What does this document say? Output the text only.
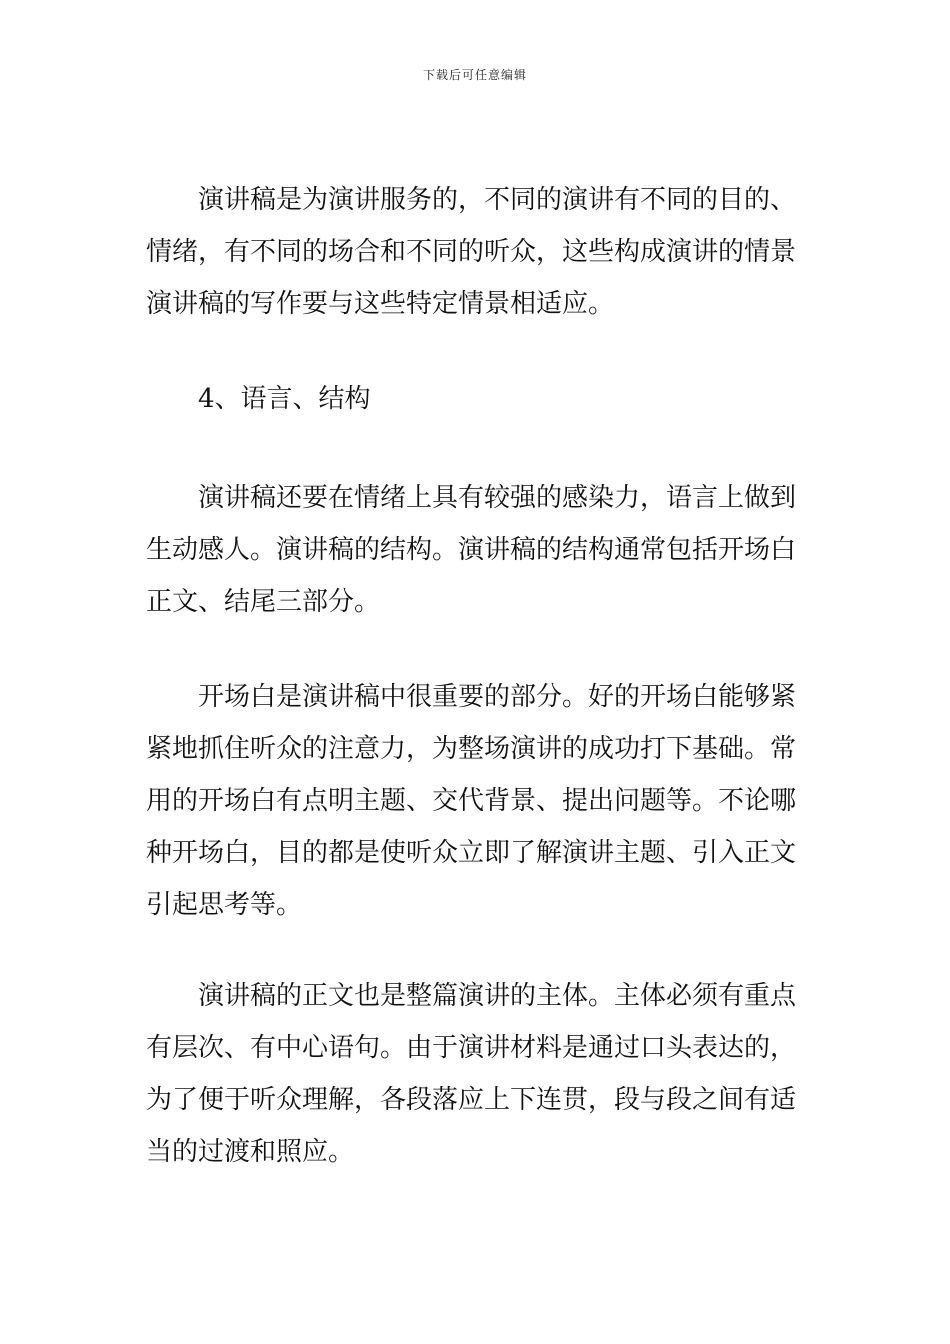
下载后可任意编辑
演讲稿是为演讲服务的，不同的演讲有不同的目的、
情绪，有不同的场合和不同的听众，这些构成演讲的情景
演讲稿的写作要与这些特定情景相适应。
4、语言、结构
演讲稿还要在情绪上具有较强的感染力，语言上做到
生动感人。演讲稿的结构。演讲稿的结构通常包括开场白
正文、结尾三部分。
开场白是演讲稿中很重要的部分。好的开场白能够紧
紧地抓住听众的注意力，为整场演讲的成功打下基础。常
用的开场白有点明主题、交代背景、提出问题等。不论哪
种开场白，目的都是使听众立即了解演讲主题、引入正文
引起思考等。
演讲稿的正文也是整篇演讲的主体。主体必须有重点
有层次、有中心语句。由于演讲材料是通过口头表达的，
为了便于听众理解，各段落应上下连贯，段与段之间有适
当的过渡和照应。
